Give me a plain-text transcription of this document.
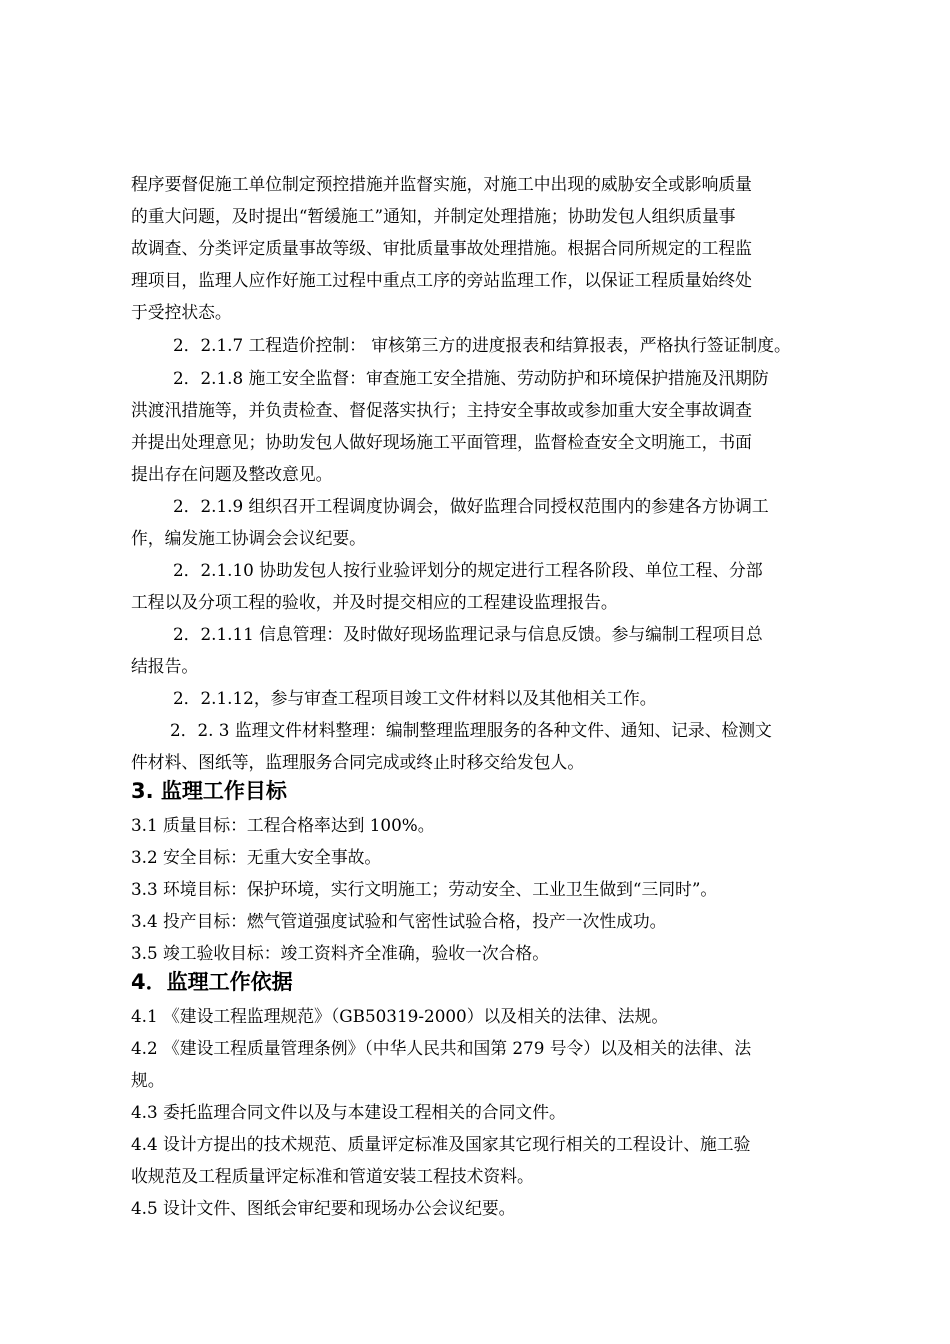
程序要督促施工单位制定预控措施并监督实施，对施工中出现的威胁安全或影响质量

的重大问题，及时提出“暂缓施工”通知，并制定处理措施；协助发包人组织质量事

故调查、分类评定质量事故等级、审批质量事故处理措施。根据合同所规定的工程监

理项目，监理人应作好施工过程中重点工序的旁站监理工作，以保证工程质量始终处

于受控状态。

2．2.1.7 工程造价控制： 审核第三方的进度报表和结算报表，严格执行签证制度。

2．2.1.8 施工安全监督：审查施工安全措施、劳动防护和环境保护措施及汛期防

洪渡汛措施等，并负责检查、督促落实执行；主持安全事故或参加重大安全事故调查

并提出处理意见；协助发包人做好现场施工平面管理，监督检查安全文明施工，书面

提出存在问题及整改意见。

2．2.1.9 组织召开工程调度协调会，做好监理合同授权范围内的参建各方协调工

作，编发施工协调会会议纪要。

2．2.1.10 协助发包人按行业验评划分的规定进行工程各阶段、单位工程、分部

工程以及分项工程的验收，并及时提交相应的工程建设监理报告。

2．2.1.11 信息管理：及时做好现场监理记录与信息反馈。参与编制工程项目总

结报告。

2．2.1.12，参与审查工程项目竣工文件材料以及其他相关工作。

2．2. 3 监理文件材料整理：编制整理监理服务的各种文件、通知、记录、检测文

件材料、图纸等，监理服务合同完成或终止时移交给发包人。

3. 监理工作目标

3.1 质量目标：工程合格率达到 100%。

3.2 安全目标：无重大安全事故。

3.3 环境目标：保护环境，实行文明施工；劳动安全、工业卫生做到“三同时”。

3.4 投产目标：燃气管道强度试验和气密性试验合格，投产一次性成功。

3.5 竣工验收目标：竣工资料齐全准确，验收一次合格。

4．监理工作依据

4.1 《建设工程监理规范》（GB50319-2000）以及相关的法律、法规。

4.2 《建设工程质量管理条例》（中华人民共和国第 279 号令）以及相关的法律、法

规。

4.3 委托监理合同文件以及与本建设工程相关的合同文件。

4.4 设计方提出的技术规范、质量评定标准及国家其它现行相关的工程设计、施工验

收规范及工程质量评定标准和管道安装工程技术资料。

4.5 设计文件、图纸会审纪要和现场办公会议纪要。
